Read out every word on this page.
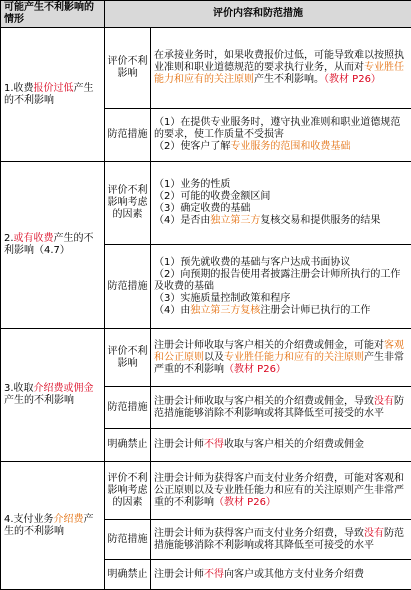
可能产生不利影响的情形	评价内容和防范措施	
1.收费报价过低产生的不利影响	评价不利影响	在承接业务时，如果收费报价过低，可能导致难以按照执业准则和职业道德规范的要求执行业务，从而对专业胜任能力和应有的关注原则产生不利影响。（教材 P26）
	防范措施	（1）在提供专业服务时，遵守执业准则和职业道德规范的要求，使工作质量不受损害
（2）使客户了解专业服务的范围和收费基础

2.或有收费产生的不利影响（4.7）	评价不利影响考虑的因素	（1）业务的性质
（2）可能的收费金额区间
（3）确定收费的基础
（4）是否由独立第三方复核交易和提供服务的结果

	防范措施	（1）预先就收费的基础与客户达成书面协议
（2）向预期的报告使用者披露注册会计师所执行的工作及收费的基础
（3）实施质量控制政策和程序
（4）由独立第三方复核注册会计师已执行的工作

3.收取介绍费或佣金产生的不利影响	评价不利影响	注册会计师收取与客户相关的介绍费或佣金，可能对客观和公正原则以及专业胜任能力和应有的关注原则产生非常严重的不利影响（教材 P26）
	防范措施	注册会计师收取与客户相关的介绍费或佣金，导致没有防范措施能够消除不利影响或将其降低至可接受的水平
	明确禁止	注册会计师不得收取与客户相关的介绍费或佣金
4.支付业务介绍费产生的不利影响	评价不利影响考虑的因素	注册会计师为获得客户而支付业务介绍费，可能对客观和公正原则以及专业胜任能力和应有的关注原则产生非常严重的不利影响（教材 P26）
	防范措施	注册会计师为获得客户而支付业务介绍费，导致没有防范措施能够消除不利影响或将其降低至可接受的水平
	明确禁止	注册会计师不得向客户或其他方支付业务介绍费
